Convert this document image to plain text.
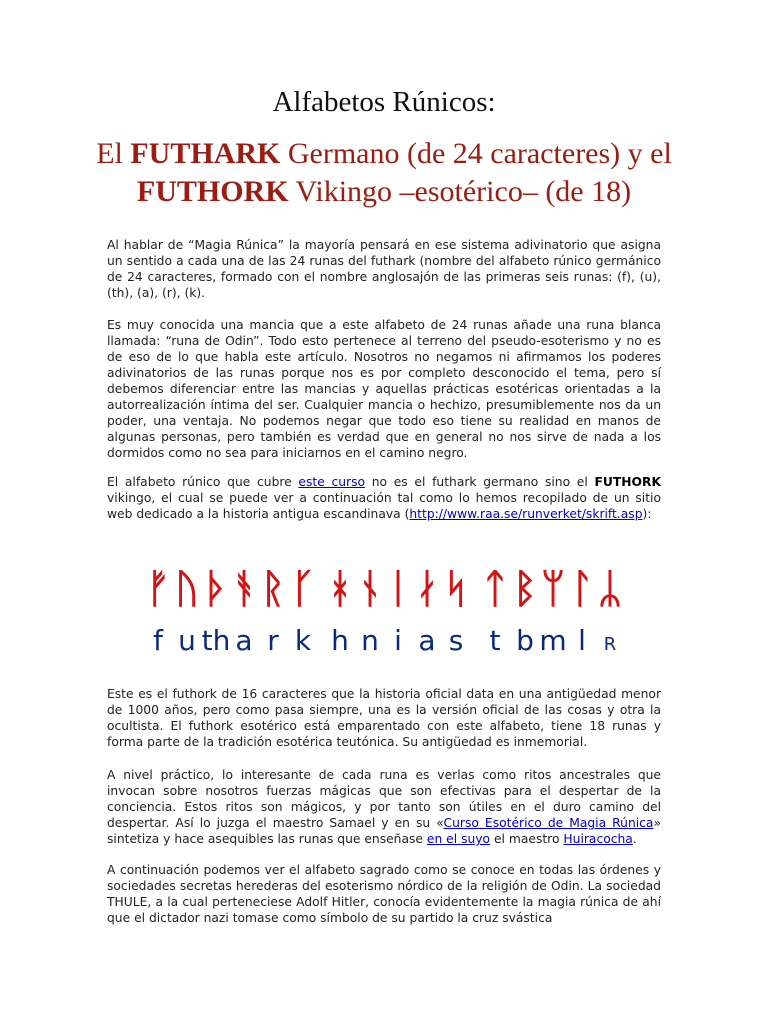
Alfabetos Rúnicos:
El FUTHARK Germano (de 24 caracteres) y el
FUTHORK Vikingo –esotérico– (de 18)

Al hablar de “Magia Rúnica” la mayoría pensará en ese sistema adivinatorio que asigna un sentido a cada una de las 24 runas del futhark (nombre del alfabeto rúnico germánico de 24 caracteres, formado con el nombre anglosajón de las primeras seis runas: (f), (u), (th), (a), (r), (k).

Es muy conocida una mancia que a este alfabeto de 24 runas añade una runa blanca llamada: “runa de Odin”. Todo esto pertenece al terreno del pseudo-esoterismo y no es de eso de lo que habla este artículo. Nosotros no negamos ni afirmamos los poderes adivinatorios de las runas porque nos es por completo desconocido el tema, pero sí debemos diferenciar entre las mancias y aquellas prácticas esotéricas orientadas a la autorrealización íntima del ser. Cualquier mancia o hechizo, presumiblemente nos da un poder, una ventaja. No podemos negar que todo eso tiene su realidad en manos de algunas personas, pero también es verdad que en general no nos sirve de nada a los dormidos como no sea para iniciarnos en el camino negro.

El alfabeto rúnico que cubre este curso no es el futhark germano sino el FUTHORK vikingo, el cual se puede ver a continuación tal como lo hemos recopilado de un sitio web dedicado a la historia antigua escandinava (http://www.raa.se/runverket/skrift.asp):

ᚠ ᚢ ᚦ ᚬ ᚱ ᚴ ᚼ ᚾ ᛁ ᛅ ᛋ ᛏ ᛒ ᛘ ᛚ ᛦ
f u th a r k h n i a s t b m l R

Este es el futhork de 16 caracteres que la historia oficial data en una antigüedad menor de 1000 años, pero como pasa siempre, una es la versión oficial de las cosas y otra la ocultista. El futhork esotérico está emparentado con este alfabeto, tiene 18 runas y forma parte de la tradición esotérica teutónica. Su antigüedad es inmemorial.

A nivel práctico, lo interesante de cada runa es verlas como ritos ancestrales que invocan sobre nosotros fuerzas mágicas que son efectivas para el despertar de la conciencia. Estos ritos son mágicos, y por tanto son útiles en el duro camino del despertar. Así lo juzga el maestro Samael y en su «Curso Esotérico de Magia Rúnica» sintetiza y hace asequibles las runas que enseñase en el suyo el maestro Huiracocha.

A continuación podemos ver el alfabeto sagrado como se conoce en todas las órdenes y sociedades secretas herederas del esoterismo nórdico de la religión de Odin. La sociedad THULE, a la cual perteneciese Adolf Hitler, conocía evidentemente la magia rúnica de ahí que el dictador nazi tomase como símbolo de su partido la cruz svástica
